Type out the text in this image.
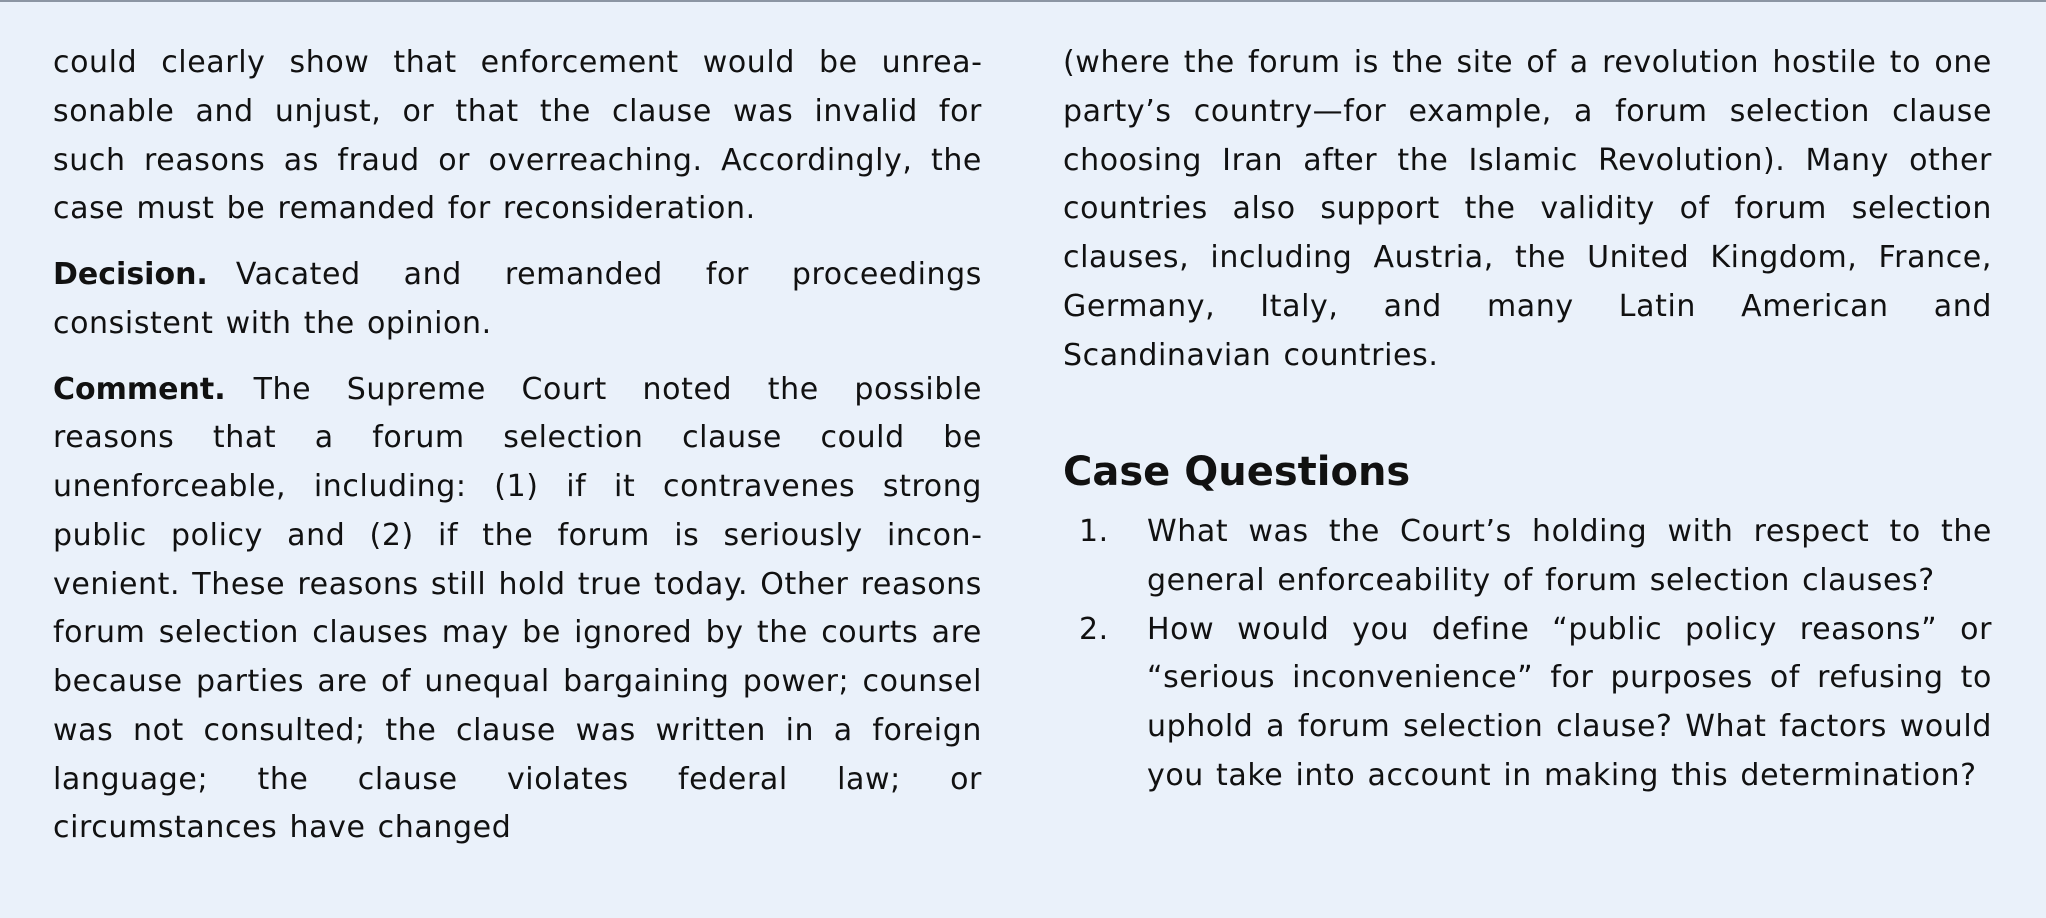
could clearly show that enforcement would be unreasonable and unjust, or that the clause was invalid for such reasons as fraud or overreaching. Accordingly, the case must be remanded for reconsideration.

Decision. Vacated and remanded for proceedings consistent with the opinion.

Comment. The Supreme Court noted the possible reasons that a forum selection clause could be unenforceable, including: (1) if it contravenes strong public policy and (2) if the forum is seriously inconvenient. These reasons still hold true today. Other reasons forum selection clauses may be ignored by the courts are because parties are of unequal bargaining power; counsel was not consulted; the clause was written in a foreign language; the clause violates federal law; or circumstances have changed

(where the forum is the site of a revolution hostile to one party’s country—for example, a forum selection clause choosing Iran after the Islamic Revolution). Many other countries also support the validity of forum selection clauses, including Austria, the United Kingdom, France, Germany, Italy, and many Latin American and Scandinavian countries.

Case Questions
1.	What was the Court’s holding with respect to the general enforceability of forum selection clauses?
2.	How would you define “public policy reasons” or “serious inconvenience” for purposes of refusing to uphold a forum selection clause? What factors would you take into account in making this determination?
